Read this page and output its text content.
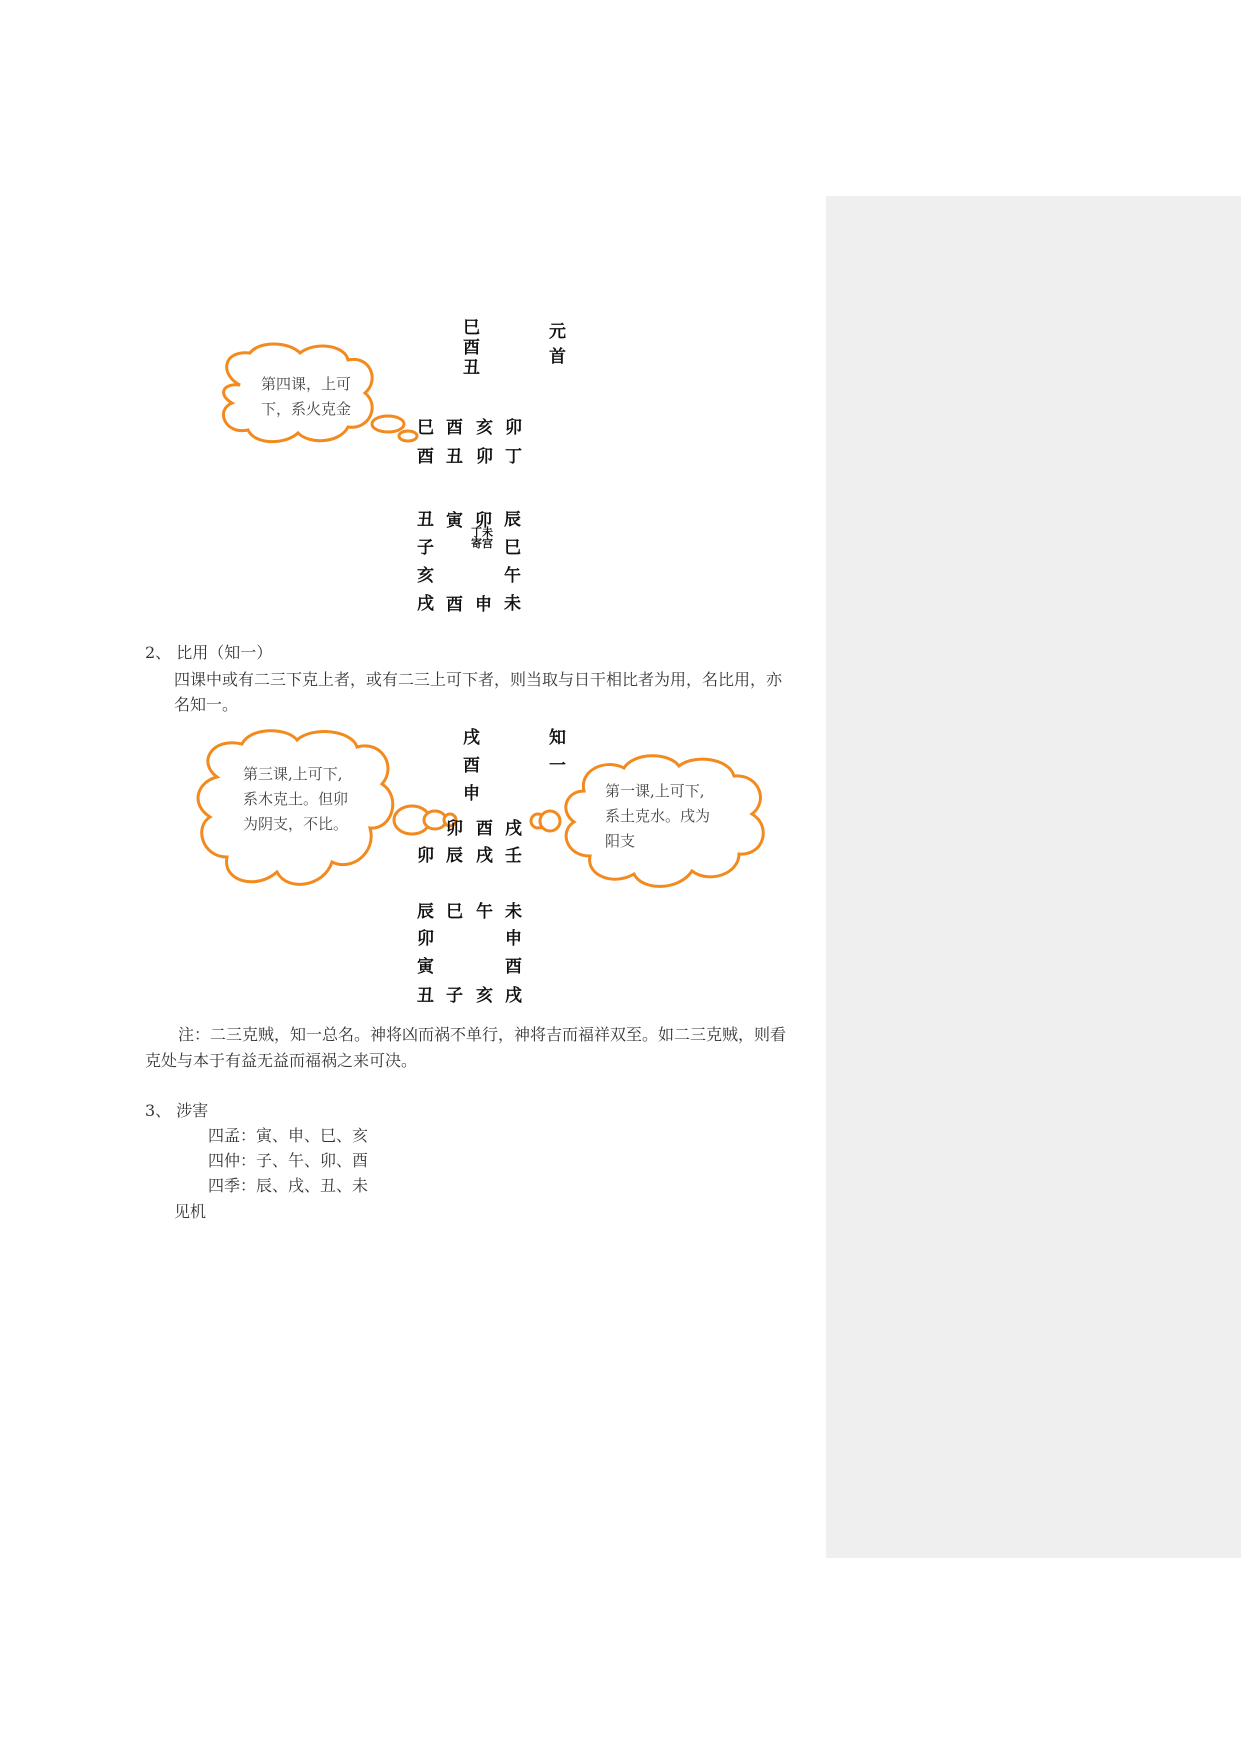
巳
酉
丑
元
首
第四课，上可
下，系火克金
巳 酉 亥 卯
酉 丑 卯 丁
丑
子
亥
戌
寅 卯
丁未
寄宫
辰
巳
午
未
酉 申
2、 比用（知一）
四课中或有二三下克上者，或有二三上可下者，则当取与日干相比者为用，名比用，亦
名知一。
戌
酉
申
知
一
第三课,上可下,
系木克土。但卯
为阴支，不比。
第一课,上可下,
系土克水。戌为
阳支
卯 酉 戌
卯 辰 戌 壬
辰 巳 午 未
卯
寅
申
酉
丑 子 亥 戌
注：二三克贼，知一总名。神将凶而祸不单行，神将吉而福祥双至。如二三克贼，则看
克处与本于有益无益而福祸之来可决。
3、 涉害
四孟：寅、申、巳、亥
四仲：子、午、卯、酉
四季：辰、戌、丑、未
见机
